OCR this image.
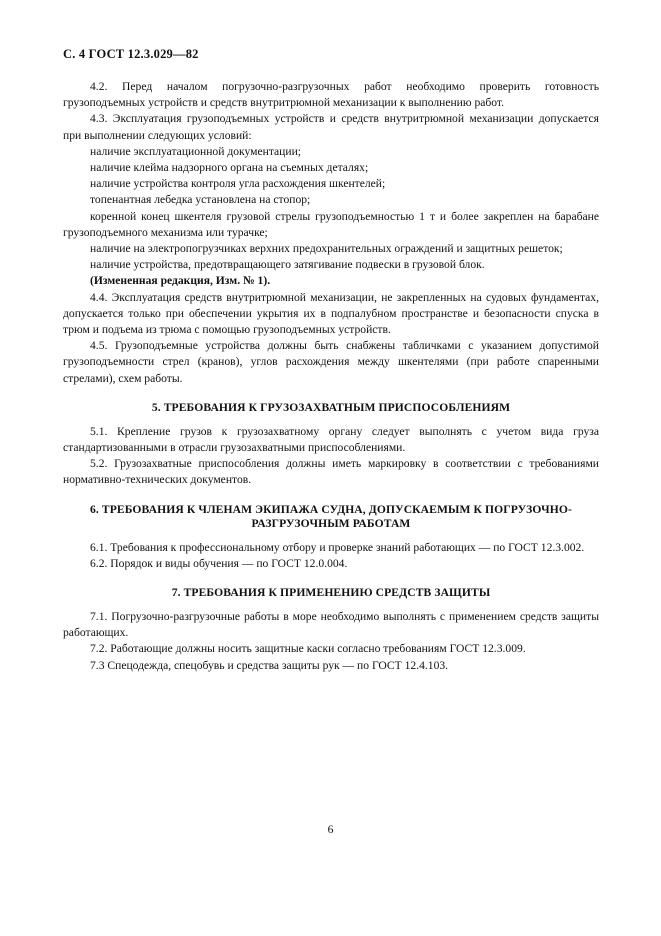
С. 4 ГОСТ 12.3.029—82

4.2. Перед началом погрузочно-разгрузочных работ необходимо проверить готовность грузоподъемных устройств и средств внутритрюмной механизации к выполнению работ.

4.3. Эксплуатация грузоподъемных устройств и средств внутритрюмной механизации допускается при выполнении следующих условий:

наличие эксплуатационной документации;

наличие клейма надзорного органа на съемных деталях;

наличие устройства контроля угла расхождения шкентелей;

топенантная лебедка установлена на стопор;

коренной конец шкентеля грузовой стрелы грузоподъемностью 1 т и более закреплен на барабане грузоподъемного механизма или турачке;

наличие на электропогрузчиках верхних предохранительных ограждений и защитных решеток;

наличие устройства, предотвращающего затягивание подвески в грузовой блок.

(Измененная редакция, Изм. № 1).

4.4. Эксплуатация средств внутритрюмной механизации, не закрепленных на судовых фундаментах, допускается только при обеспечении укрытия их в подпалубном пространстве и безопасности спуска в трюм и подъема из трюма с помощью грузоподъемных устройств.

4.5. Грузоподъемные устройства должны быть снабжены табличками с указанием допустимой грузоподъемности стрел (кранов), углов расхождения между шкентелями (при работе спаренными стрелами), схем работы.

5. ТРЕБОВАНИЯ К ГРУЗОЗАХВАТНЫМ ПРИСПОСОБЛЕНИЯМ

5.1. Крепление грузов к грузозахватному органу следует выполнять с учетом вида груза стандартизованными в отрасли грузозахватными приспособлениями.

5.2. Грузозахватные приспособления должны иметь маркировку в соответствии с требованиями нормативно-технических документов.

6. ТРЕБОВАНИЯ К ЧЛЕНАМ ЭКИПАЖА СУДНА, ДОПУСКАЕМЫМ К ПОГРУЗОЧНО-

РАЗГРУЗОЧНЫМ РАБОТАМ

6.1. Требования к профессиональному отбору и проверке знаний работающих — по ГОСТ 12.3.002.

6.2. Порядок и виды обучения — по ГОСТ 12.0.004.

7. ТРЕБОВАНИЯ К ПРИМЕНЕНИЮ СРЕДСТВ ЗАЩИТЫ

7.1. Погрузочно-разгрузочные работы в море необходимо выполнять с применением средств защиты работающих.

7.2. Работающие должны носить защитные каски согласно требованиям ГОСТ 12.3.009.

7.3 Спецодежда, спецобувь и средства защиты рук — по ГОСТ 12.4.103.

6
